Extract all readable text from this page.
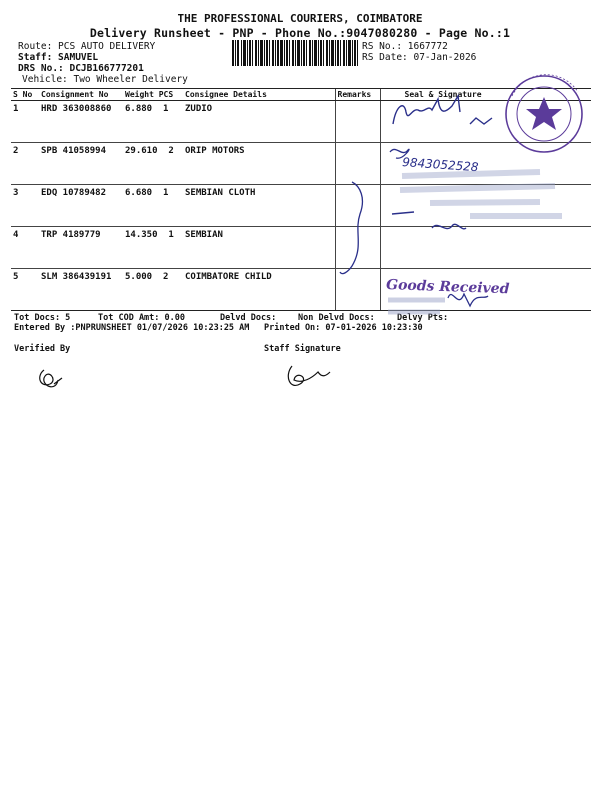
THE PROFESSIONAL COURIERS, COIMBATORE
Delivery Runsheet - PNP - Phone No.:9047080280 - Page No.:1
Route: PCS AUTO DELIVERY
Staff: SAMUVEL
DRS No.: DCJB166777201
Vehicle: Two Wheeler Delivery
RS No.: 1667772
RS Date: 07-Jan-2026
S No	Consignment No	Weight PCS	Consignee Details	Remarks	Seal & Signature
1	HRD 363008860	6.880 1	ZUDIO		
2	SPB 41058994	29.610 2	ORIP MOTORS		
3	EDQ 10789482	6.680 1	SEMBIAN CLOTH		
4	TRP 4189779	14.350 1	SEMBIAN		
5	SLM 386439191	5.000 2	COIMBATORE CHILD		
Tot Docs: 5	Tot COD Amt: 0.00	Delvd Docs:	Non Delvd Docs:	Delvy Pts:
Entered By :PNPRUNSHEET 01/07/2026 10:23:25 AM Printed On: 07-01-2026 10:23:30
Verified By	Staff Signature
9843052528
Goods Received
